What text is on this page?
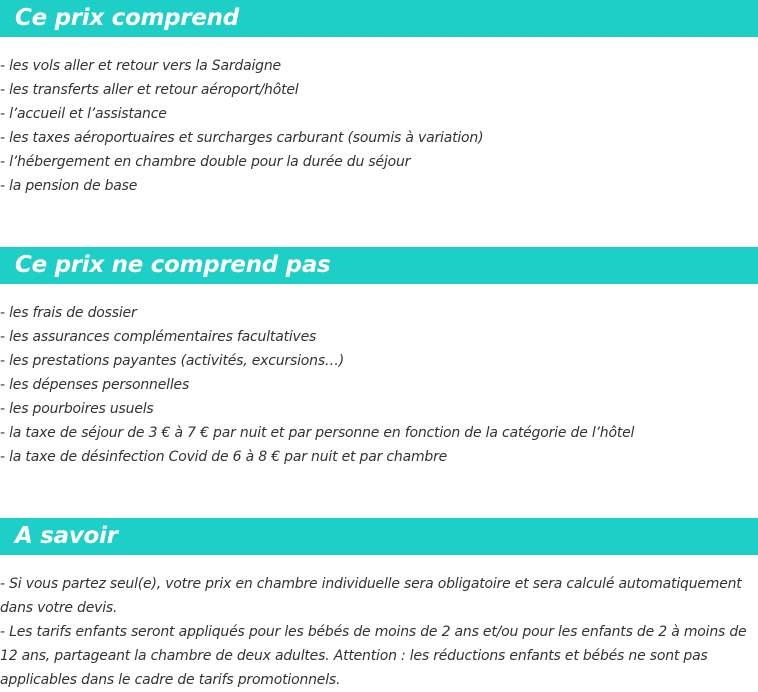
Ce prix comprend
- les vols aller et retour vers la Sardaigne
- les transferts aller et retour aéroport/hôtel
- l’accueil et l’assistance
- les taxes aéroportuaires et surcharges carburant (soumis à variation)
- l’hébergement en chambre double pour la durée du séjour
- la pension de base
Ce prix ne comprend pas
- les frais de dossier
- les assurances complémentaires facultatives
- les prestations payantes (activités, excursions…)
- les dépenses personnelles
- les pourboires usuels
- la taxe de séjour de 3 € à 7 € par nuit et par personne en fonction de la catégorie de l’hôtel
- la taxe de désinfection Covid de 6 à 8 € par nuit et par chambre
A savoir

- Si vous partez seul(e), votre prix en chambre individuelle sera obligatoire et sera calculé automatiquement dans votre devis.

- Les tarifs enfants seront appliqués pour les bébés de moins de 2 ans et/ou pour les enfants de 2 à moins de 12 ans, partageant la chambre de deux adultes. Attention : les réductions enfants et bébés ne sont pas applicables dans le cadre de tarifs promotionnels.
